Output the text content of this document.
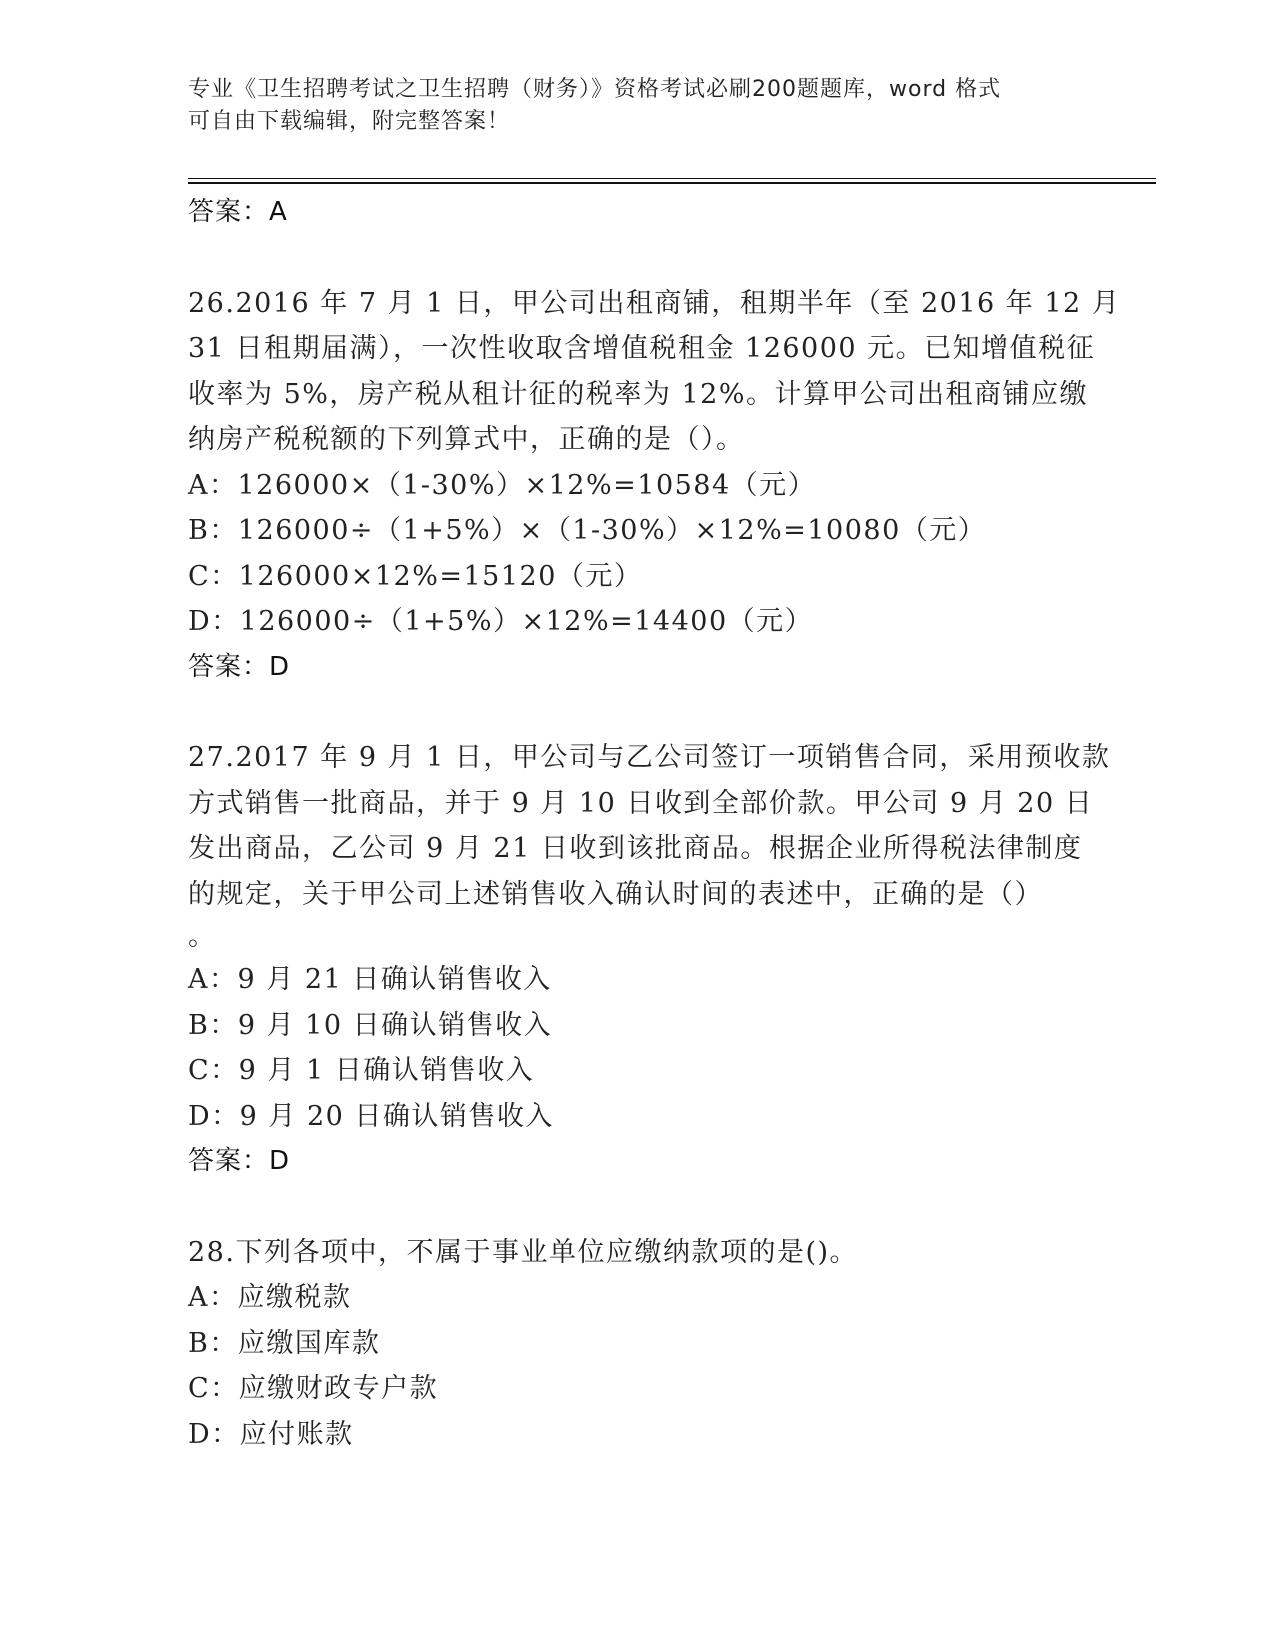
专业《卫生招聘考试之卫生招聘（财务）》资格考试必刷200题题库，word 格式
可自由下载编辑，附完整答案！
答案：A
26.2016 年 7 月 1 日，甲公司出租商铺，租期半年（至 2016 年 12 月
31 日租期届满），一次性收取含增值税租金 126000 元。已知增值税征
收率为 5%，房产税从租计征的税率为 12%。计算甲公司出租商铺应缴
纳房产税税额的下列算式中，正确的是（）。
A：126000×（1-30%）×12%=10584（元）
B：126000÷（1+5%）×（1-30%）×12%=10080（元）
C：126000×12%=15120（元）
D：126000÷（1+5%）×12%=14400（元）
答案：D
27.2017 年 9 月 1 日，甲公司与乙公司签订一项销售合同，采用预收款
方式销售一批商品，并于 9 月 10 日收到全部价款。甲公司 9 月 20 日
发出商品，乙公司 9 月 21 日收到该批商品。根据企业所得税法律制度
的规定，关于甲公司上述销售收入确认时间的表述中，正确的是（）
。
A：9 月 21 日确认销售收入
B：9 月 10 日确认销售收入
C：9 月 1 日确认销售收入
D：9 月 20 日确认销售收入
答案：D
28.下列各项中，不属于事业单位应缴纳款项的是()。
A：应缴税款
B：应缴国库款
C：应缴财政专户款
D：应付账款
